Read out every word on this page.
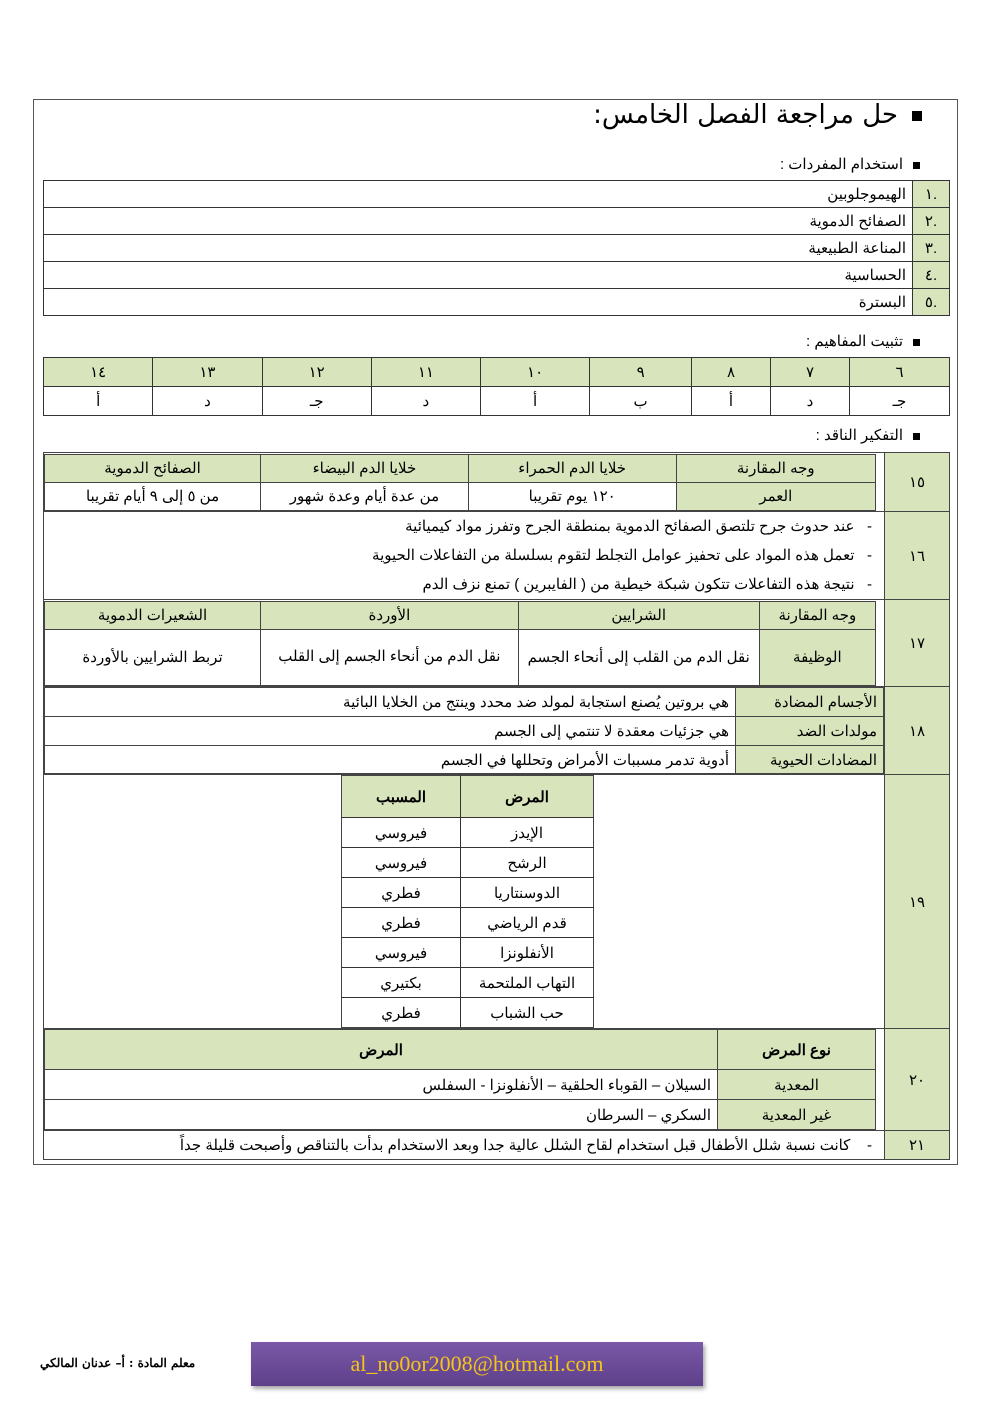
حل مراجعة الفصل الخامس:
استخدام المفردات :
.١	الهيموجلوبين
.٢	الصفائح الدموية
.٣	المناعة الطبيعية
.٤	الحساسية
.٥	البسترة
تثبيت المفاهيم :
٦	٧	٨	٩	١٠	١١	١٢	١٣	١٤
جـ	د	أ	ب	أ	د	جـ	د	أ
التفكير الناقد :
١٥	
وجه المقارنة	خلايا الدم الحمراء	خلايا الدم البيضاء	الصفائح الدموية
العمر	١٢٠ يوم تقريبا	من عدة أيام وعدة شهور	من ٥ إلى ٩ أيام تقريبا

١٦	
-   عند حدوث جرح تلتصق الصفائح الدموية بمنطقة الجرح وتفرز مواد كيميائية
-   تعمل هذه المواد على تحفيز عوامل التجلط لتقوم بسلسلة من التفاعلات الحيوية
-   نتيجة هذه التفاعلات تتكون شبكة خيطية من ( الفايبرين ) تمنع نزف الدم

١٧	
وجه المقارنة	الشرايين	الأوردة	الشعيرات الدموية
الوظيفة	نقل الدم من القلب إلى أنحاء الجسم	نقل الدم من أنحاء الجسم إلى القلب	تربط الشرايين بالأوردة

١٨	
الأجسام المضادة	هي بروتين يُصنع استجابة لمولد ضد محدد وينتج من الخلايا البائية
مولدات الضد	هي جزئيات معقدة لا تنتمي إلى الجسم
المضادات الحيوية	أدوية تدمر مسببات الأمراض وتحللها في الجسم

١٩	
المرض	المسبب
الإيدز	فيروسي
الرشح	فيروسي
الدوسنتاريا	فطري
قدم الرياضي	فطري
الأنفلونزا	فيروسي
التهاب الملتحمة	بكتيري
حب الشباب	فطري

٢٠	
نوع المرض	المرض
المعدية	السيلان – القوباء الحلقية – الأنفلونزا - السفلس
غير المعدية	السكري – السرطان

٢١	-    كانت نسبة شلل الأطفال قبل استخدام لقاح الشلل عالية جدا وبعد الاستخدام بدأت بالتناقص وأصبحت قليلة جداً
معلم المادة : أ– عدنان المالكي	al_no0or2008@hotmail.com
